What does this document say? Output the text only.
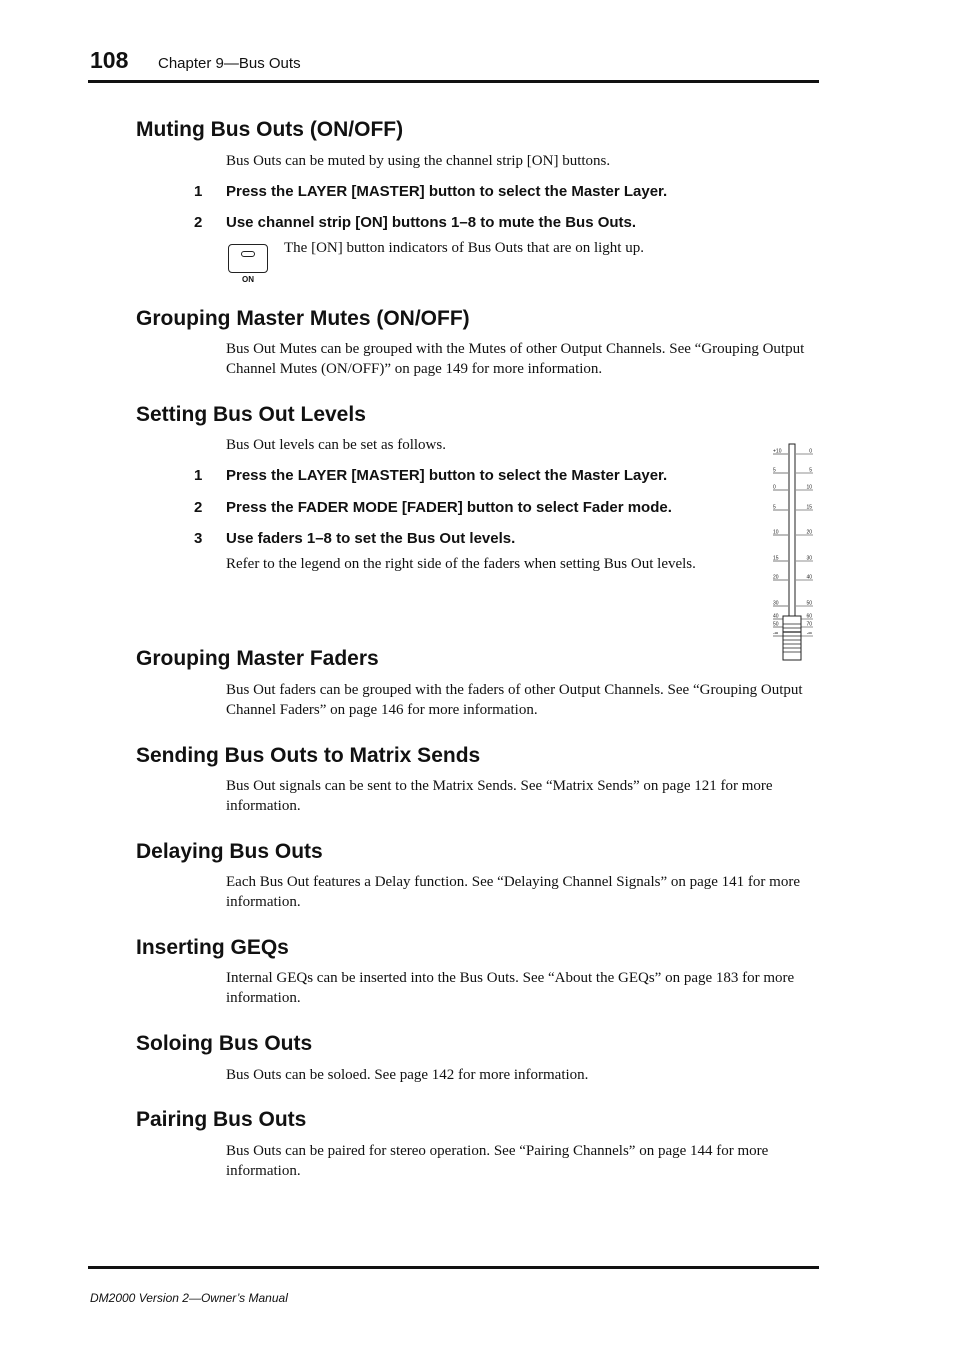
108 Chapter 9—Bus Outs
Muting Bus Outs (ON/OFF)

Bus Outs can be muted by using the channel strip [ON] buttons.

1 Press the LAYER [MASTER] button to select the Master Layer.
2 Use channel strip [ON] buttons 1–8 to mute the Bus Outs.
ON

The [ON] button indicators of Bus Outs that are on light up.

Grouping Master Mutes (ON/OFF)

Bus Out Mutes can be grouped with the Mutes of other Output Channels. See “Grouping Output Channel Mutes (ON/OFF)” on page 149 for more information.

Setting Bus Out Levels

Bus Out levels can be set as follows.

1 Press the LAYER [MASTER] button to select the Master Layer.
2 Press the FADER MODE [FADER] button to select Fader mode.
3 Use faders 1–8 to set the Bus Out levels.

Refer to the legend on the right side of the faders when setting Bus Out levels.

+10
5
0
5
10
15
20
30
40
50
-∞
0
5
10
15
20
30
40
50
60
70
-∞
Grouping Master Faders

Bus Out faders can be grouped with the faders of other Output Channels. See “Grouping Output Channel Faders” on page 146 for more information.

Sending Bus Outs to Matrix Sends

Bus Out signals can be sent to the Matrix Sends. See “Matrix Sends” on page 121 for more information.

Delaying Bus Outs

Each Bus Out features a Delay function. See “Delaying Channel Signals” on page 141 for more information.

Inserting GEQs

Internal GEQs can be inserted into the Bus Outs. See “About the GEQs” on page 183 for more information.

Soloing Bus Outs

Bus Outs can be soloed. See page 142 for more information.

Pairing Bus Outs

Bus Outs can be paired for stereo operation. See “Pairing Channels” on page 144 for more information.

DM2000 Version 2—Owner’s Manual
